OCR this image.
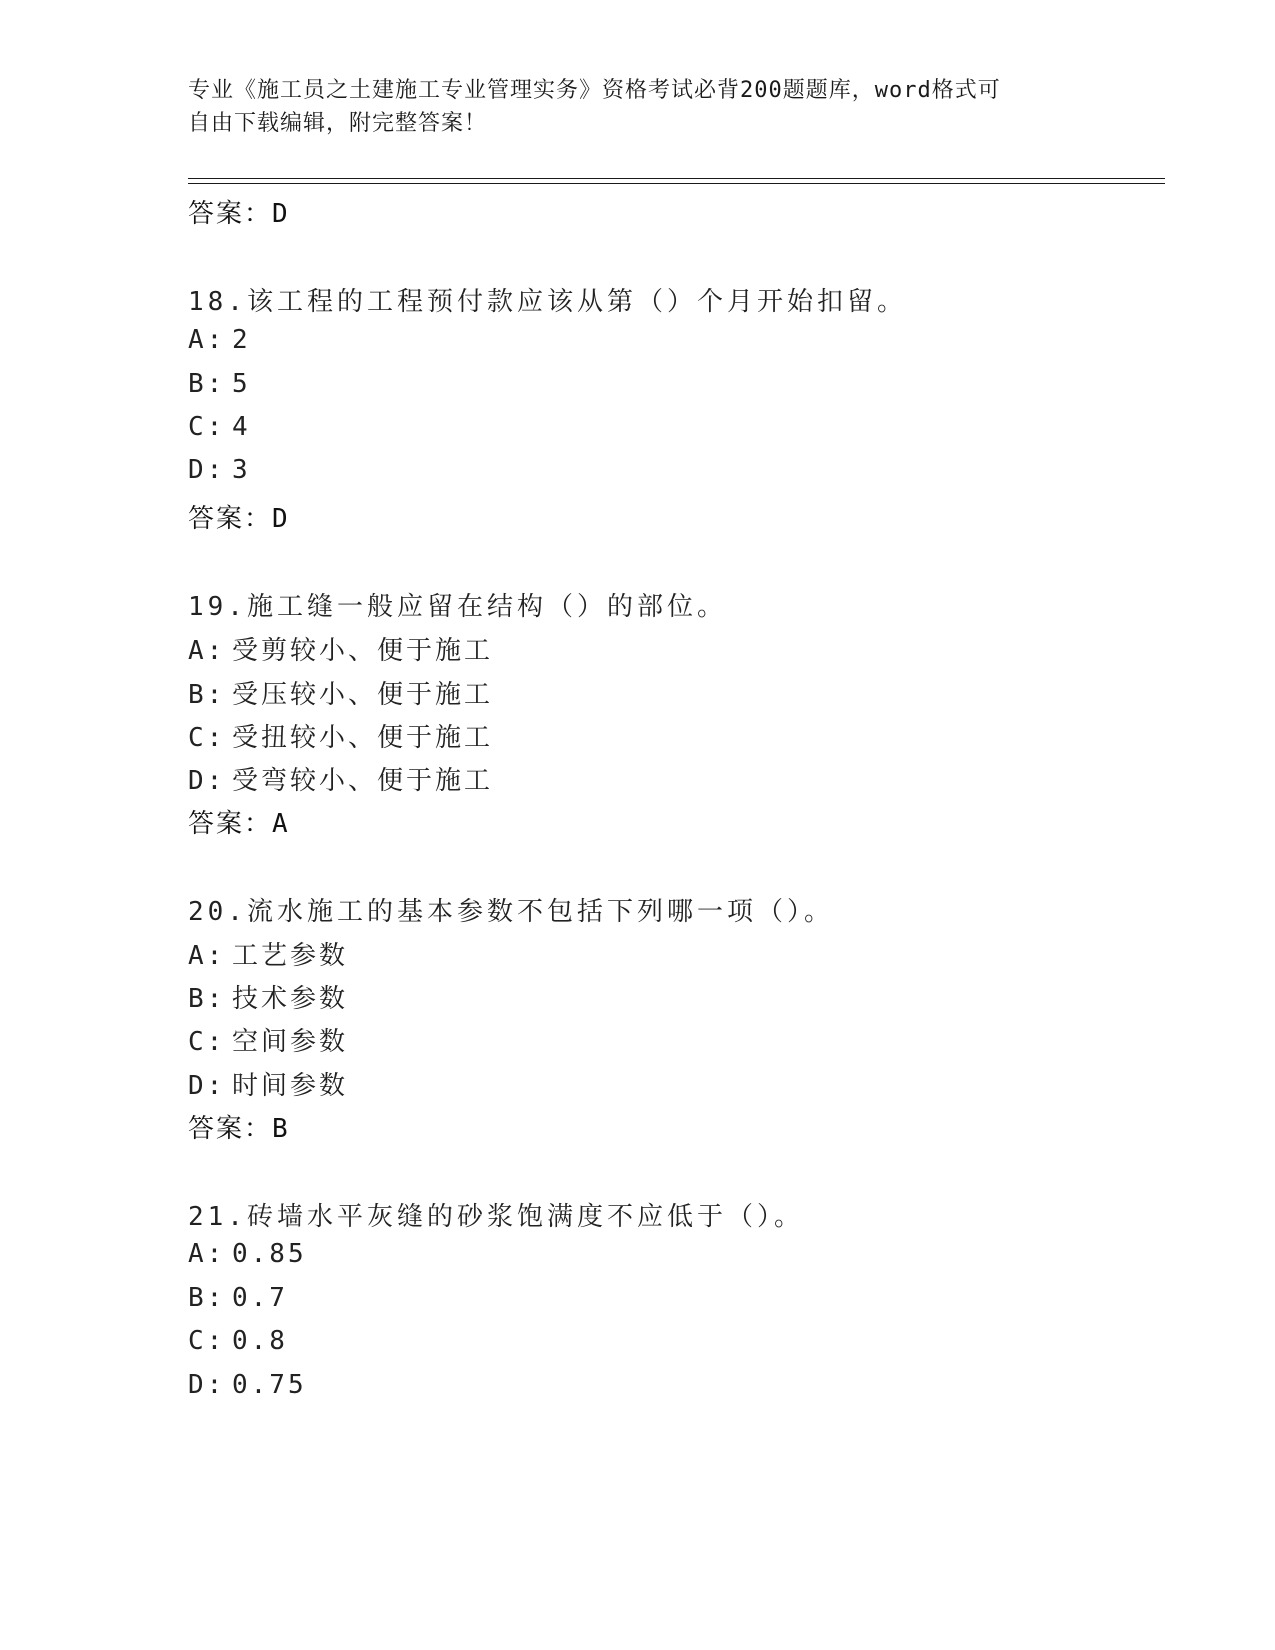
专业《施工员之土建施工专业管理实务》资格考试必背200题题库，word格式可
自由下载编辑，附完整答案！
答案：D
18.该工程的工程预付款应该从第（）个月开始扣留。
A: 2
B: 5
C: 4
D: 3
答案：D
19.施工缝一般应留在结构（）的部位。
A: 受剪较小、便于施工
B: 受压较小、便于施工
C: 受扭较小、便于施工
D: 受弯较小、便于施工
答案：A
20.流水施工的基本参数不包括下列哪一项（）。
A: 工艺参数
B: 技术参数
C: 空间参数
D: 时间参数
答案：B
21.砖墙水平灰缝的砂浆饱满度不应低于（）。
A: 0.85
B: 0.7
C: 0.8
D: 0.75
